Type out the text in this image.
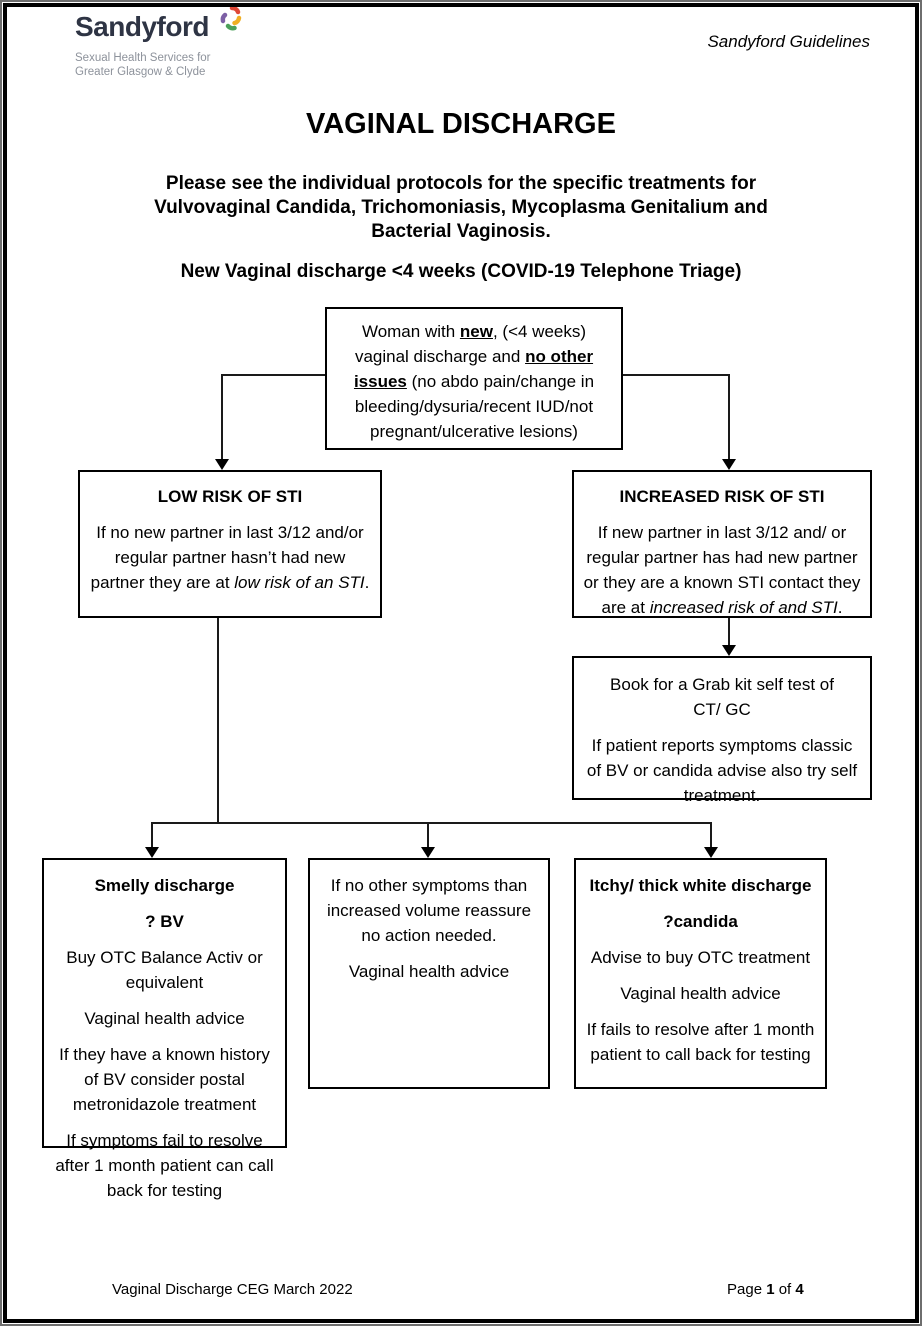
Sandyford
Sexual Health Services for
Greater Glasgow & Clyde
Sandyford Guidelines
VAGINAL DISCHARGE
Please see the individual protocols for the specific treatments for Vulvovaginal Candida, Trichomoniasis, Mycoplasma Genitalium and Bacterial Vaginosis.
New Vaginal discharge <4 weeks (COVID-19 Telephone Triage)

Woman with new, (<4 weeks) vaginal discharge and no other issues (no abdo pain/change in bleeding/dysuria/recent IUD/not pregnant/ulcerative lesions)

LOW RISK OF STI

If no new partner in last 3/12 and/or regular partner hasn’t had new partner they are at low risk of an STI.

INCREASED RISK OF STI

If new partner in last 3/12 and/ or regular partner has had new partner or they are a known STI contact they are at increased risk of and STI.

Book for a Grab kit self test of
CT/ GC

If patient reports symptoms classic of BV or candida advise also try self treatment.

Smelly discharge

? BV

Buy OTC Balance Activ or equivalent

Vaginal health advice

If they have a known history of BV consider postal metronidazole treatment

If symptoms fail to resolve after 1 month patient can call back for testing

If no other symptoms than increased volume reassure no action needed.

Vaginal health advice

Itchy/ thick white discharge

?candida

Advise to buy OTC treatment

Vaginal health advice

If fails to resolve after 1 month patient to call back for testing

Vaginal Discharge CEG March 2022	Page 1 of 4
